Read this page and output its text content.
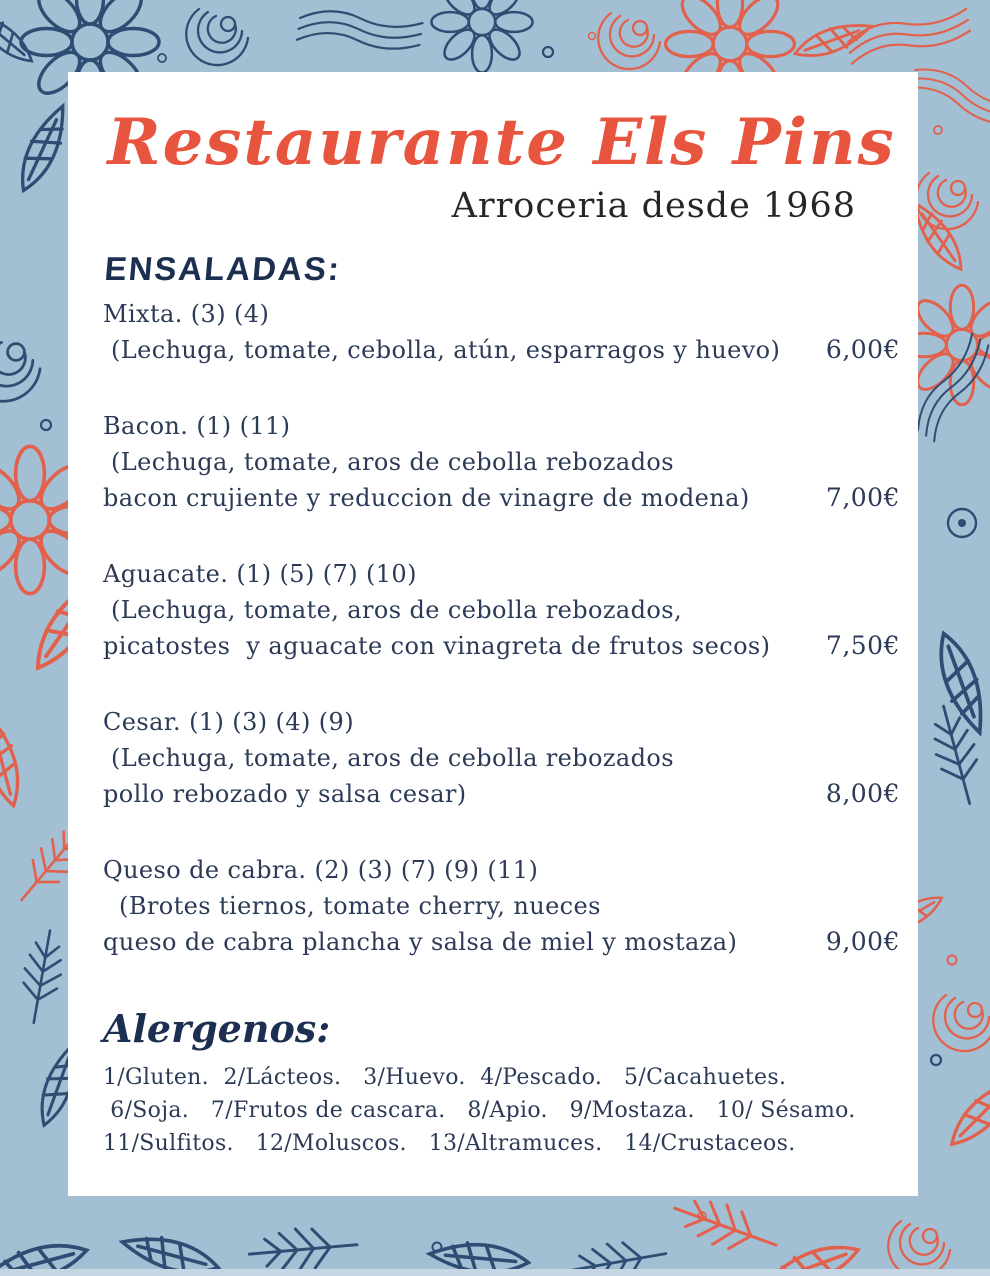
Restaurante Els Pins
Arroceria desde 1968
ENSALADAS:
Mixta. (3) (4)
(Lechuga, tomate, cebolla, atún, esparragos y huevo) 6,00€
Bacon. (1) (11)
(Lechuga, tomate, aros de cebolla rebozados
bacon crujiente y reduccion de vinagre de modena)	7,00€
Aguacate. (1) (5) (7) (10)
(Lechuga, tomate, aros de cebolla rebozados,
picatostes  y aguacate con vinagreta de frutos secos) 7,50€
Cesar. (1) (3) (4) (9)
(Lechuga, tomate, aros de cebolla rebozados
pollo rebozado y salsa cesar)	8,00€
Queso de cabra. (2) (3) (7) (9) (11)
(Brotes tiernos, tomate cherry, nueces
queso de cabra plancha y salsa de miel y mostaza)	9,00€
Alergenos:
1/Gluten.  2/Lácteos.   3/Huevo.  4/Pescado.   5/Cacahuetes.
6/Soja.   7/Frutos de cascara.   8/Apio.   9/Mostaza.   10/ Sésamo.
11/Sulfitos.   12/Moluscos.   13/Altramuces.   14/Crustaceos.
